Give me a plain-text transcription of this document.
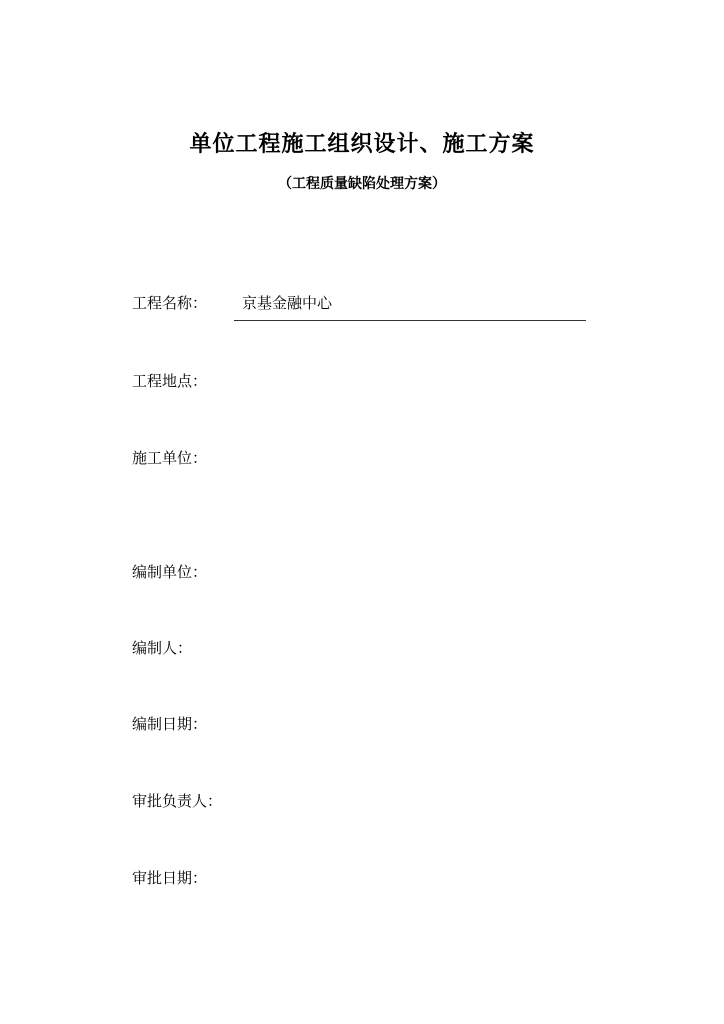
单位工程施工组织设计、施工方案
（工程质量缺陷处理方案）
工程名称： 京基金融中心
工程地点：
施工单位：
编制单位：
编制人：
编制日期：
审批负责人：
审批日期：
